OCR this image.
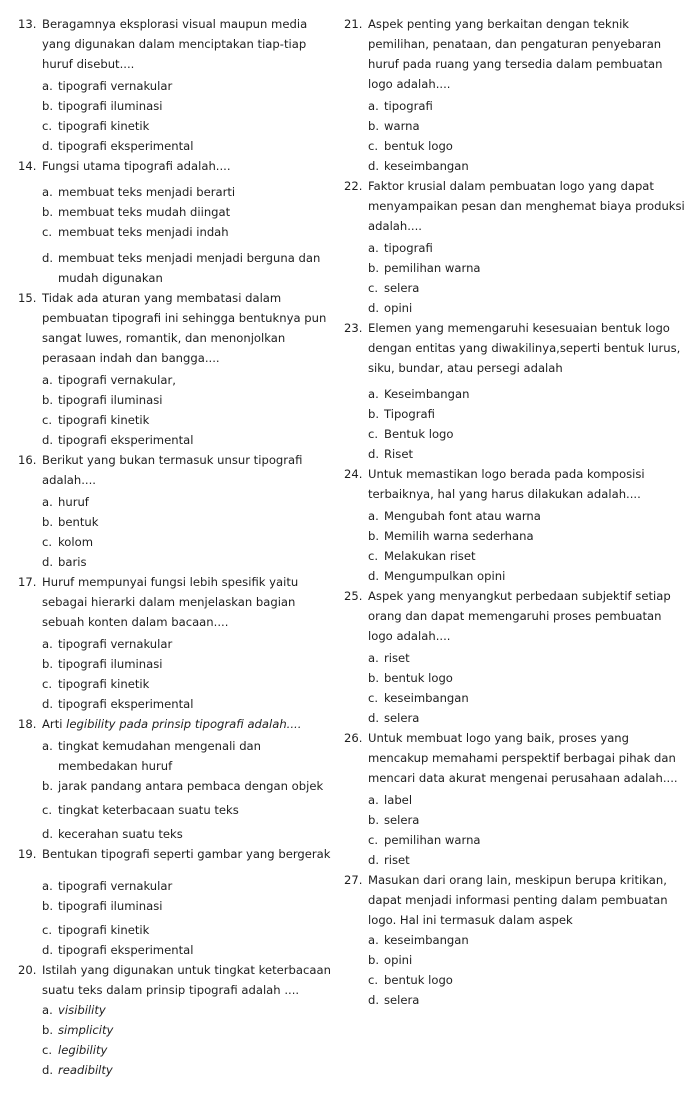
13. Beragamnya eksplorasi visual maupun media yang digunakan dalam menciptakan tiap-tiap huruf disebut....
a. tipografi vernakular
b. tipografi iluminasi
c. tipografi kinetik
d. tipografi eksperimental
14. Fungsi utama tipografi adalah....
a. membuat teks menjadi berarti
b. membuat teks mudah diingat
c. membuat teks menjadi indah
d. membuat teks menjadi menjadi berguna dan mudah digunakan
15. Tidak ada aturan yang membatasi dalam pembuatan tipografi ini sehingga bentuknya pun sangat luwes, romantik, dan menonjolkan perasaan indah dan bangga....
a. tipografi vernakular,
b. tipografi iluminasi
c. tipografi kinetik
d. tipografi eksperimental
16. Berikut yang bukan termasuk unsur tipografi adalah....
a. huruf
b. bentuk
c. kolom
d. baris
17. Huruf mempunyai fungsi lebih spesifik yaitu sebagai hierarki dalam menjelaskan bagian sebuah konten dalam bacaan....
a. tipografi vernakular
b. tipografi iluminasi
c. tipografi kinetik
d. tipografi eksperimental
18. Arti legibility pada prinsip tipografi adalah....
a. tingkat kemudahan mengenali dan membedakan huruf
b. jarak pandang antara pembaca dengan objek
c. tingkat keterbacaan suatu teks
d. kecerahan suatu teks
19. Bentukan tipografi seperti gambar yang bergerak
a. tipografi vernakular
b. tipografi iluminasi
c. tipografi kinetik
d. tipografi eksperimental
20. Istilah yang digunakan untuk tingkat keterbacaan suatu teks dalam prinsip tipografi adalah ....
a. visibility
b. simplicity
c. legibility
d. readibilty
21. Aspek penting yang berkaitan dengan teknik pemilihan, penataan, dan pengaturan penyebaran huruf pada ruang yang tersedia dalam pembuatan logo adalah....
a. tipografi
b. warna
c. bentuk logo
d. keseimbangan
22. Faktor krusial dalam pembuatan logo yang dapat menyampaikan pesan dan menghemat biaya produksi adalah....
a. tipografi
b. pemilihan warna
c. selera
d. opini
23. Elemen yang memengaruhi kesesuaian bentuk logo dengan entitas yang diwakilinya,seperti bentuk lurus, siku, bundar, atau persegi adalah
a. Keseimbangan
b. Tipografi
c. Bentuk logo
d. Riset
24. Untuk memastikan logo berada pada komposisi terbaiknya, hal yang harus dilakukan adalah....
a. Mengubah font atau warna
b. Memilih warna sederhana
c. Melakukan riset
d. Mengumpulkan opini
25. Aspek yang menyangkut perbedaan subjektif setiap orang dan dapat memengaruhi proses pembuatan logo adalah....
a. riset
b. bentuk logo
c. keseimbangan
d. selera
26. Untuk membuat logo yang baik, proses yang mencakup memahami perspektif berbagai pihak dan mencari data akurat mengenai perusahaan adalah....
a. label
b. selera
c. pemilihan warna
d. riset
27. Masukan dari orang lain, meskipun berupa kritikan, dapat menjadi informasi penting dalam pembuatan logo. Hal ini termasuk dalam aspek
a. keseimbangan
b. opini
c. bentuk logo
d. selera
